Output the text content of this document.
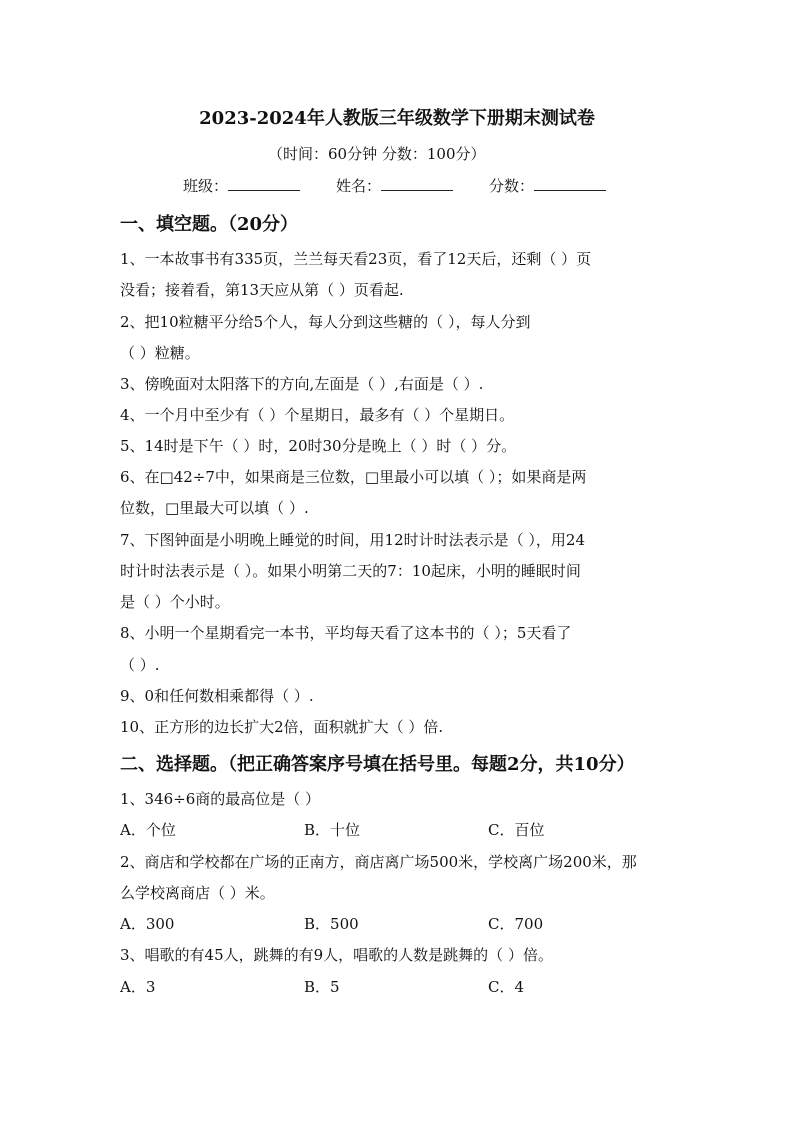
2023-2024年人教版三年级数学下册期末测试卷
（时间：60分钟 分数：100分）
班级：	姓名：	分数：
一、填空题。（20分）
1、一本故事书有335页，兰兰每天看23页，看了12天后，还剩（ ）页
没看；接着看，第13天应从第（ ）页看起.
2、把10粒糖平分给5个人，每人分到这些糖的（ ），每人分到
（ ）粒糖。
3、傍晚面对太阳落下的方向,左面是（ ）,右面是（ ）.
4、一个月中至少有（ ）个星期日，最多有（ ）个星期日。
5、14时是下午（ ）时，20时30分是晚上（ ）时（ ）分。
6、在□42÷7中，如果商是三位数，□里最小可以填（ ）；如果商是两
位数，□里最大可以填（ ）.
7、下图钟面是小明晚上睡觉的时间，用12时计时法表示是（ ），用24
时计时法表示是（ ）。如果小明第二天的7：10起床，小明的睡眠时间
是（ ）个小时。
8、小明一个星期看完一本书，平均每天看了这本书的（ ）；5天看了
（ ）.
9、0和任何数相乘都得（ ）.
10、正方形的边长扩大2倍，面积就扩大（ ）倍.
二、选择题。（把正确答案序号填在括号里。每题2分，共10分）
1、346÷6商的最高位是（ ）
A．个位	B．十位	C．百位
2、商店和学校都在广场的正南方，商店离广场500米，学校离广场200米，那
么学校离商店（ ）米。
A．300	B．500	C．700
3、唱歌的有45人，跳舞的有9人，唱歌的人数是跳舞的（ ）倍。
A．3	B．5	C．4
